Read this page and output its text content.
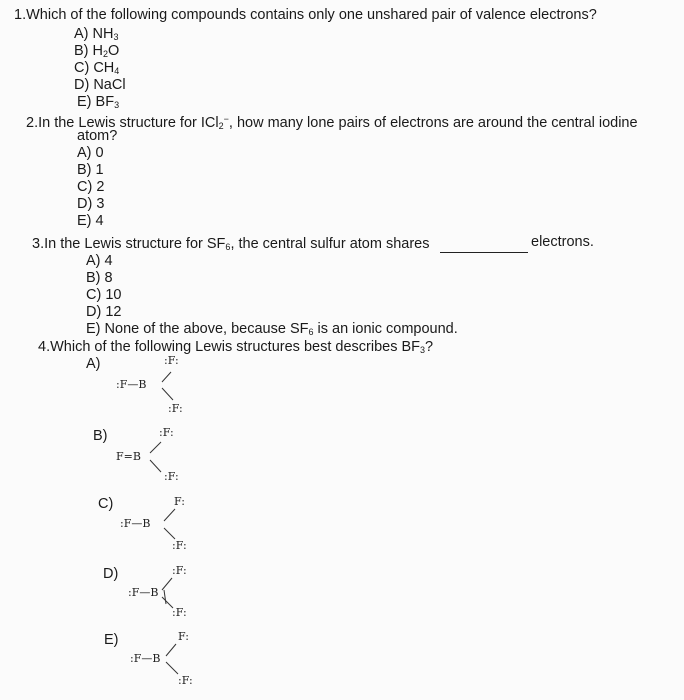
1.Which of the following compounds contains only one unshared pair of valence electrons?
A) $NH_3$
B) $H_2O$
C) $CH_4$
D) NaCl
E) $BF_3$
2.In the Lewis structure for ICl$_2$−, how many lone pairs of electrons are around the central iodine
atom?
A) 0
B) 1
C) 2
D) 3
E) 4
3.In the Lewis structure for $SF_6$, the central sulfur atom shares	electrons.
A) 4
B) 8
C) 10
D) 12
E) None of the above, because $SF_6$ is an ionic compound.
4.Which of the following Lewis structures best describes $BF_3$?
A)	:F:
:F—B
:F:
B)	:F:
F=B
:F:
C)	F:
:F—B
:F:
D)	:F:
:F—B
:F:
E)	F:
:F—B
:F:
